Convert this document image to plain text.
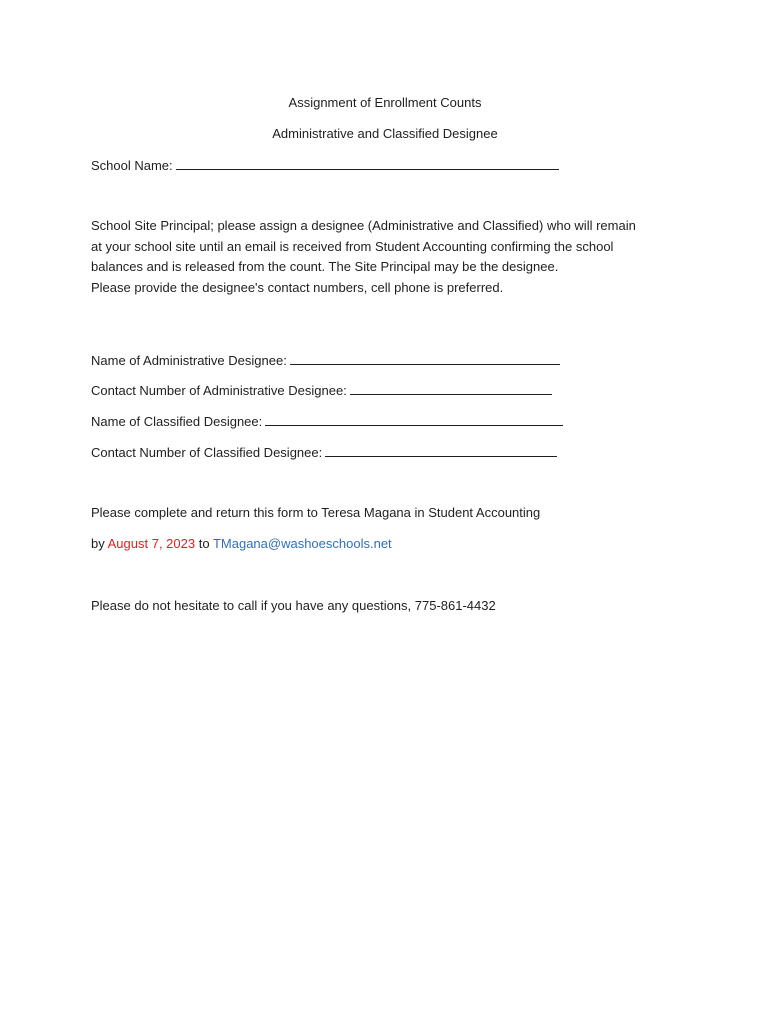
Assignment of Enrollment Counts
Administrative and Classified Designee
School Name:
School Site Principal; please assign a designee (Administrative and Classified) who will remain
at your school site until an email is received from Student Accounting confirming the school
balances and is released from the count. The Site Principal may be the designee.
Please provide the designee's contact numbers, cell phone is preferred.
Name of Administrative Designee:
Contact Number of Administrative Designee:
Name of Classified Designee:
Contact Number of Classified Designee:
Please complete and return this form to Teresa Magana in Student Accounting
by August 7, 2023 to TMagana@washoeschools.net
Please do not hesitate to call if you have any questions, 775-861-4432
